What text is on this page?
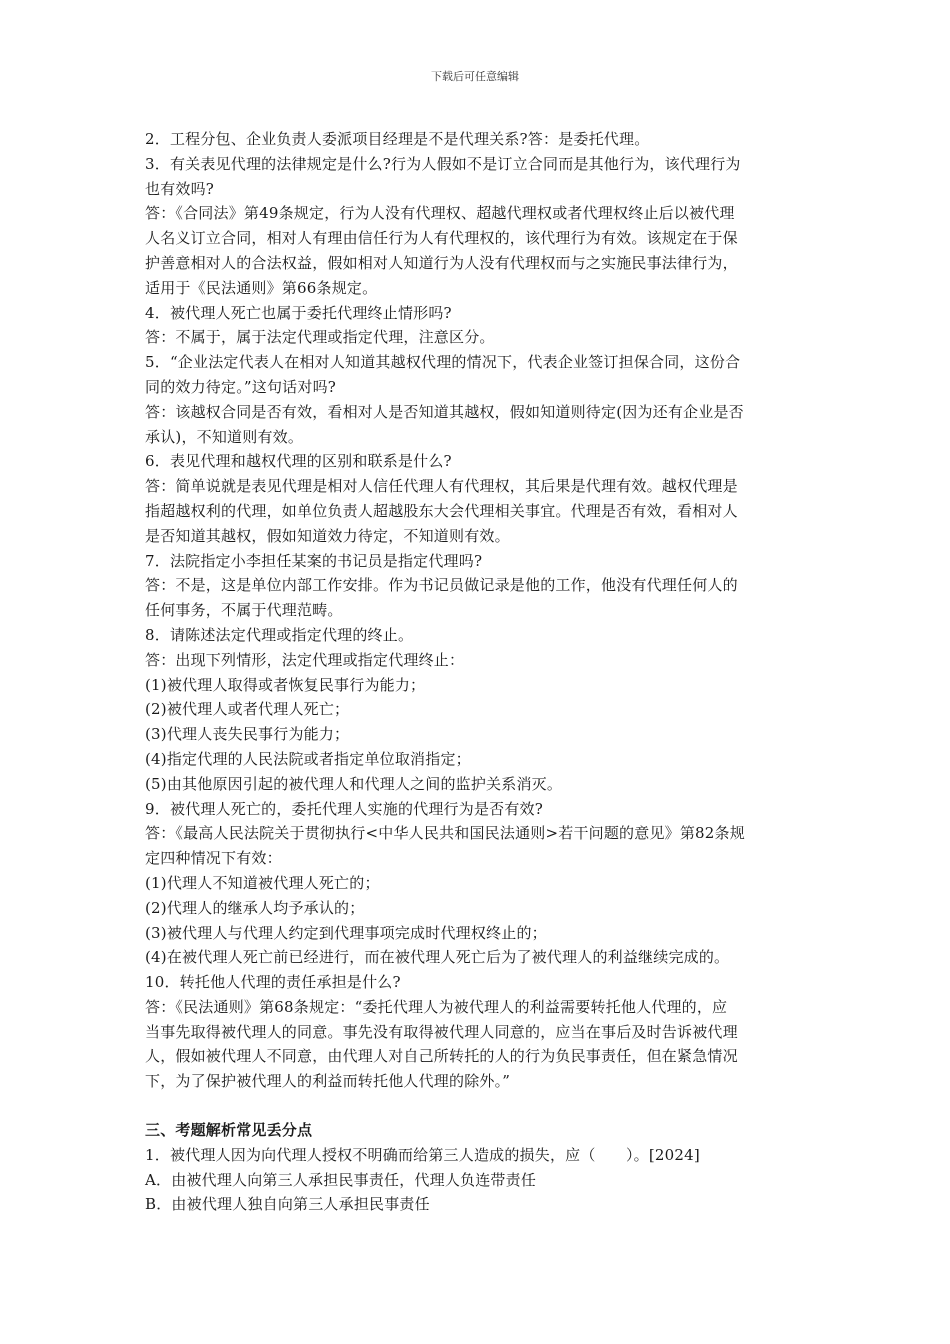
下载后可任意编辑
2．工程分包、企业负责人委派项目经理是不是代理关系?答：是委托代理。
3．有关表见代理的法律规定是什么?行为人假如不是订立合同而是其他行为，该代理行为
也有效吗?
答：《合同法》第49条规定，行为人没有代理权、超越代理权或者代理权终止后以被代理
人名义订立合同，相对人有理由信任行为人有代理权的，该代理行为有效。该规定在于保
护善意相对人的合法权益，假如相对人知道行为人没有代理权而与之实施民事法律行为，
适用于《民法通则》第66条规定。
4．被代理人死亡也属于委托代理终止情形吗?
答：不属于，属于法定代理或指定代理，注意区分。
5．“企业法定代表人在相对人知道其越权代理的情况下，代表企业签订担保合同，这份合
同的效力待定。”这句话对吗?
答：该越权合同是否有效，看相对人是否知道其越权，假如知道则待定(因为还有企业是否
承认)，不知道则有效。
6．表见代理和越权代理的区别和联系是什么?
答：简单说就是表见代理是相对人信任代理人有代理权，其后果是代理有效。越权代理是
指超越权利的代理，如单位负责人超越股东大会代理相关事宜。代理是否有效，看相对人
是否知道其越权，假如知道效力待定，不知道则有效。
7．法院指定小李担任某案的书记员是指定代理吗?
答：不是，这是单位内部工作安排。作为书记员做记录是他的工作，他没有代理任何人的
任何事务，不属于代理范畴。
8．请陈述法定代理或指定代理的终止。
答：出现下列情形，法定代理或指定代理终止：
(1)被代理人取得或者恢复民事行为能力；
(2)被代理人或者代理人死亡；
(3)代理人丧失民事行为能力；
(4)指定代理的人民法院或者指定单位取消指定；
(5)由其他原因引起的被代理人和代理人之间的监护关系消灭。
9．被代理人死亡的，委托代理人实施的代理行为是否有效?
答：《最高人民法院关于贯彻执行<中华人民共和国民法通则>若干问题的意见》第82条规
定四种情况下有效：
(1)代理人不知道被代理人死亡的；
(2)代理人的继承人均予承认的；
(3)被代理人与代理人约定到代理事项完成时代理权终止的；
(4)在被代理人死亡前已经进行，而在被代理人死亡后为了被代理人的利益继续完成的。
10．转托他人代理的责任承担是什么?
答：《民法通则》第68条规定：“委托代理人为被代理人的利益需要转托他人代理的，应
当事先取得被代理人的同意。事先没有取得被代理人同意的，应当在事后及时告诉被代理
人，假如被代理人不同意，由代理人对自己所转托的人的行为负民事责任，但在紧急情况
下，为了保护被代理人的利益而转托他人代理的除外。”
三、考题解析常见丢分点
1．被代理人因为向代理人授权不明确而给第三人造成的损失，应（　　）。[2024]
A．由被代理人向第三人承担民事责任，代理人负连带责任
B．由被代理人独自向第三人承担民事责任
